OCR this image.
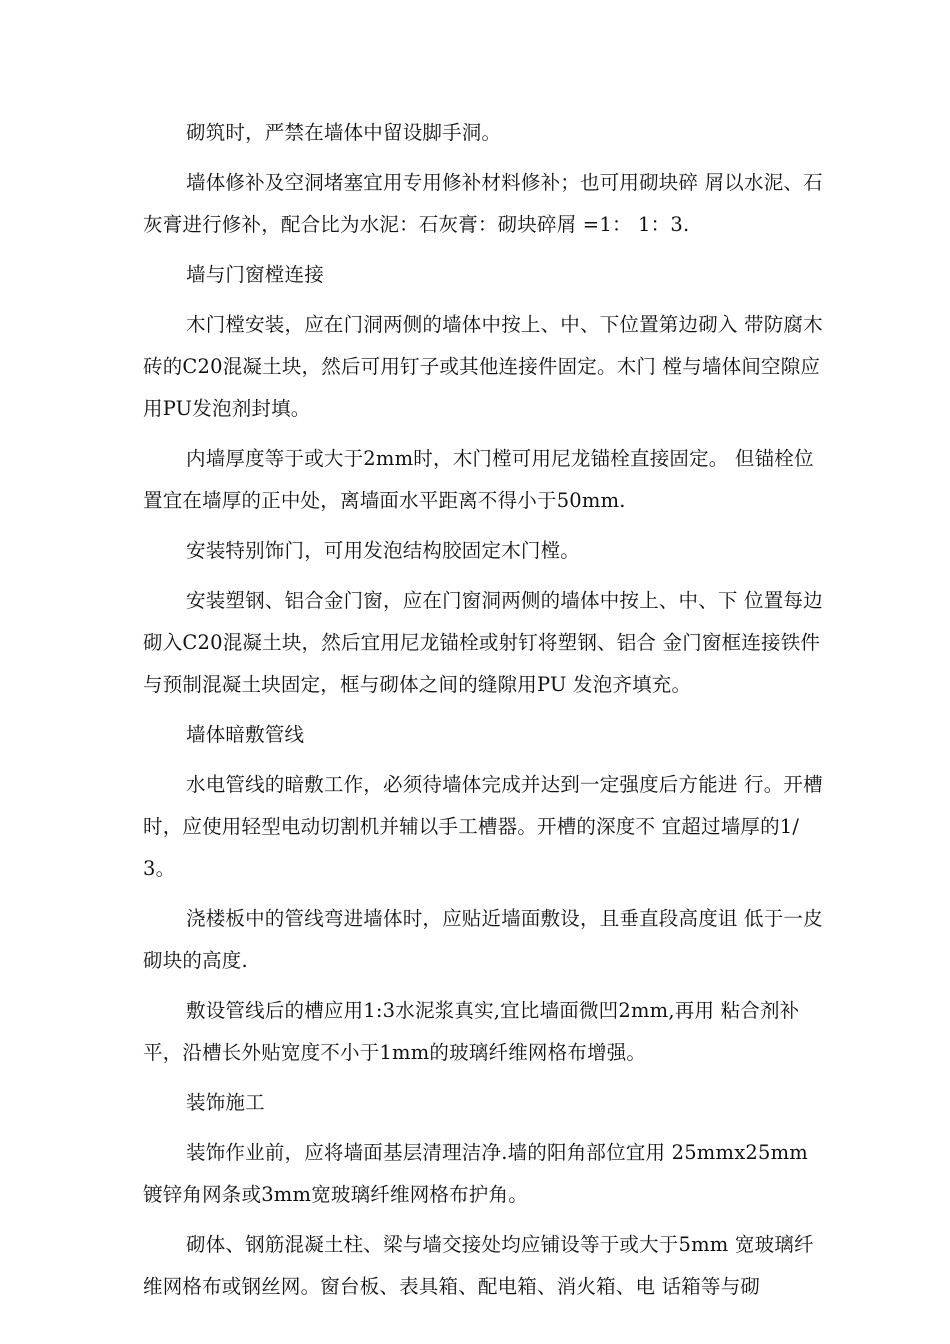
砌筑时，严禁在墙体中留设脚手洞。

墙体修补及空洞堵塞宜用专用修补材料修补；也可用砌块碎 屑以水泥、石灰膏进行修补，配合比为水泥：石灰膏：砌块碎屑 =1： 1：3.

墙与门窗樘连接

木门樘安装，应在门洞两侧的墙体中按上、中、下位置第边砌入 带防腐木砖的C20混凝土块，然后可用钉子或其他连接件固定。木门 樘与墙体间空隙应用PU发泡剂封填。

内墙厚度等于或大于2mm时，木门樘可用尼龙锚栓直接固定。 但锚栓位置宜在墙厚的正中处，离墙面水平距离不得小于50mm.

安装特别饰门，可用发泡结构胶固定木门樘。

安装塑钢、铝合金门窗，应在门窗洞两侧的墙体中按上、中、下 位置每边砌入C20混凝土块，然后宜用尼龙锚栓或射钉将塑钢、铝合 金门窗框连接铁件与预制混凝土块固定，框与砌体之间的缝隙用PU 发泡齐填充。

墙体暗敷管线

水电管线的暗敷工作，必须待墙体完成并达到一定强度后方能进 行。开槽时，应使用轻型电动切割机并辅以手工槽器。开槽的深度不 宜超过墙厚的1/3。

浇楼板中的管线弯进墙体时，应贴近墙面敷设，且垂直段高度诅 低于一皮砌块的高度.

敷设管线后的槽应用1:3水泥浆真实,宜比墙面微凹2mm,再用 粘合剂补平，沿槽长外贴宽度不小于1mm的玻璃纤维网格布增强。

装饰施工

装饰作业前，应将墙面基层清理洁净.墙的阳角部位宜用 25mmx25mm镀锌角网条或3mm宽玻璃纤维网格布护角。

砌体、钢筋混凝土柱、梁与墙交接处均应铺设等于或大于5mm 宽玻璃纤维网格布或钢丝网。窗台板、表具箱、配电箱、消火箱、电 话箱等与砌
